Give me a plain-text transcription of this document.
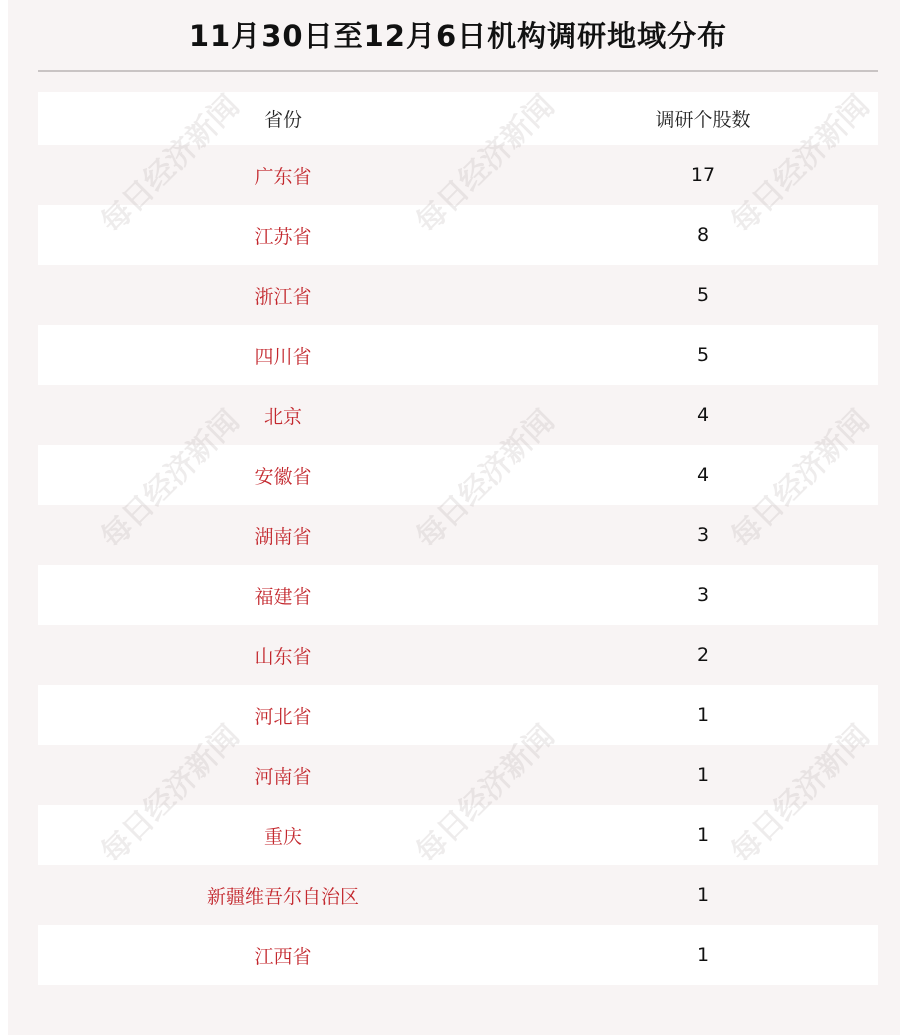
11月30日至12月6日机构调研地域分布
省份	调研个股数
广东省	17
江苏省	8
浙江省	5
四川省	5
北京	4
安徽省	4
湖南省	3
福建省	3
山东省	2
河北省	1
河南省	1
重庆	1
新疆维吾尔自治区	1
江西省	1
